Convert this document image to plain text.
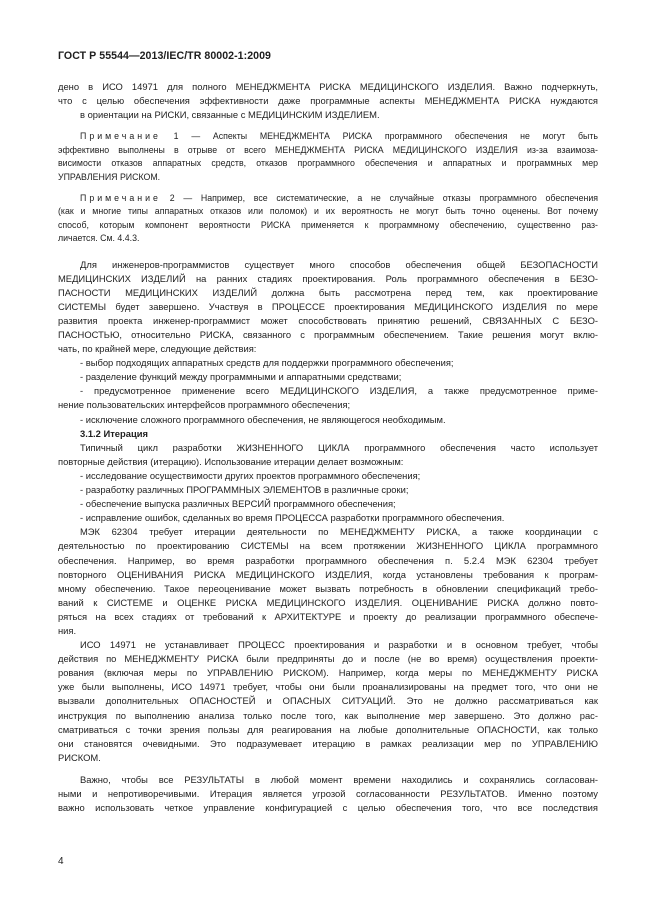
ГОСТ Р 55544—2013/IEC/TR 80002-1:2009

дено в ИСО 14971 для полного МЕНЕДЖМЕНТА РИСКА МЕДИЦИНСКОГО ИЗДЕЛИЯ. Важно подчеркнуть,
что с целью обеспечения эффективности даже программные аспекты МЕНЕДЖМЕНТА РИСКА нуждаются
в ориентации на РИСКИ, связанные с МЕДИЦИНСКИМ ИЗДЕЛИЕМ.

Примечание 1 — Аспекты МЕНЕДЖМЕНТА РИСКА программного обеспечения не могут быть
эффективно выполнены в отрыве от всего МЕНЕДЖМЕНТА РИСКА МЕДИЦИНСКОГО ИЗДЕЛИЯ из-за взаимоза-
висимости отказов аппаратных средств, отказов программного обеспечения и аппаратных и программных мер
УПРАВЛЕНИЯ РИСКОМ.

Примечание 2 — Например, все систематические, а не случайные отказы программного обеспечения
(как и многие типы аппаратных отказов или поломок) и их вероятность не могут быть точно оценены. Вот почему
способ, которым компонент вероятности РИСКА применяется к программному обеспечению, существенно раз-
личается. См. 4.4.3.

Для инженеров-программистов существует много способов обеспечения общей БЕЗОПАСНОСТИ
МЕДИЦИНСКИХ ИЗДЕЛИЙ на ранних стадиях проектирования. Роль программного обеспечения в БЕЗО-
ПАСНОСТИ МЕДИЦИНСКИХ ИЗДЕЛИЙ должна быть рассмотрена перед тем, как проектирование
СИСТЕМЫ будет завершено. Участвуя в ПРОЦЕССЕ проектирования МЕДИЦИНСКОГО ИЗДЕЛИЯ по мере
развития проекта инженер-программист может способствовать принятию решений, СВЯЗАННЫХ С БЕЗО-
ПАСНОСТЬЮ, относительно РИСКА, связанного с программным обеспечением. Такие решения могут вклю-
чать, по крайней мере, следующие действия:

- выбор подходящих аппаратных средств для поддержки программного обеспечения;
- разделение функций между программными и аппаратными средствами;
- предусмотренное применение всего МЕДИЦИНСКОГО ИЗДЕЛИЯ, а также предусмотренное приме-
нение пользовательских интерфейсов программного обеспечения;
- исключение сложного программного обеспечения, не являющегося необходимым.

3.1.2 Итерация

Типичный цикл разработки ЖИЗНЕННОГО ЦИКЛА программного обеспечения часто использует
повторные действия (итерацию). Использование итерации делает возможным:

- исследование осуществимости других проектов программного обеспечения;
- разработку различных ПРОГРАММНЫХ ЭЛЕМЕНТОВ в различные сроки;
- обеспечение выпуска различных ВЕРСИЙ программного обеспечения;
- исправление ошибок, сделанных во время ПРОЦЕССА разработки программного обеспечения.

МЭК 62304 требует итерации деятельности по МЕНЕДЖМЕНТУ РИСКА, а также координации с
деятельностью по проектированию СИСТЕМЫ на всем протяжении ЖИЗНЕННОГО ЦИКЛА программного
обеспечения. Например, во время разработки программного обеспечения п. 5.2.4 МЭК 62304 требует
повторного ОЦЕНИВАНИЯ РИСКА МЕДИЦИНСКОГО ИЗДЕЛИЯ, когда установлены требования к програм-
мному обеспечению. Такое переоценивание может вызвать потребность в обновлении спецификаций требо-
ваний к СИСТЕМЕ и ОЦЕНКЕ РИСКА МЕДИЦИНСКОГО ИЗДЕЛИЯ. ОЦЕНИВАНИЕ РИСКА должно повто-
ряться на всех стадиях от требований к АРХИТЕКТУРЕ и проекту до реализации программного обеспече-
ния.

ИСО 14971 не устанавливает ПРОЦЕСС проектирования и разработки и в основном требует, чтобы
действия по МЕНЕДЖМЕНТУ РИСКА были предприняты до и после (не во время) осуществления проекти-
рования (включая меры по УПРАВЛЕНИЮ РИСКОМ). Например, когда меры по МЕНЕДЖМЕНТУ РИСКА
уже были выполнены, ИСО 14971 требует, чтобы они были проанализированы на предмет того, что они не
вызвали дополнительных ОПАСНОСТЕЙ и ОПАСНЫХ СИТУАЦИЙ. Это не должно рассматриваться как
инструкция по выполнению анализа только после того, как выполнение мер завершено. Это должно рас-
сматриваться с точки зрения пользы для реагирования на любые дополнительные ОПАСНОСТИ, как только
они становятся очевидными. Это подразумевает итерацию в рамках реализации мер по УПРАВЛЕНИЮ
РИСКОМ.

Важно, чтобы все РЕЗУЛЬТАТЫ в любой момент времени находились и сохранялись согласован-
ными и непротиворечивыми. Итерация является угрозой согласованности РЕЗУЛЬТАТОВ. Именно поэтому
важно использовать четкое управление конфигурацией с целью обеспечения того, что все последствия

4
